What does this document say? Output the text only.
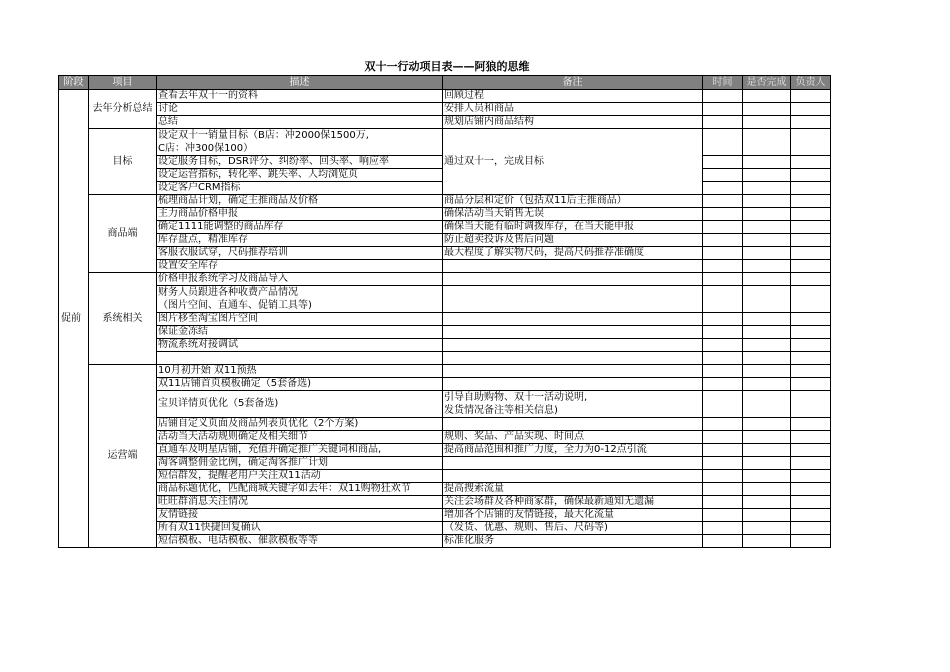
双十一行动项目表——阿狼的思维
阶段	项目	描述	备注	时间	是否完成	负责人
促前	去年分析总结	查看去年双十一的资料	回顾过程			
		讨论	安排人员和商品			
		总结	规划店铺内商品结构			
	目标	设定双十一销量目标（B店：冲2000保1500万,
C店：冲300保100）	通过双十一，完成目标			
		设定服务目标，DSR评分、纠纷率、回头率、响应率				
		设定运营指标，转化率、跳失率、人均浏览页				
		设定客户CRM指标				
	商品端	梳理商品计划，确定主推商品及价格	商品分层和定价（包括双11后主推商品）			
		主力商品价格申报	确保活动当天销售无误			
		确定1111能调整的商品库存	确保当天能有临时调拨库存，在当天能申报			
		库存盘点，精准库存	防止超卖投诉及售后问题			
		客服衣服试穿，尺码推荐培训	最大程度了解实物尺码，提高尺码推荐准确度			
		设置安全库存				
	系统相关	价格申报系统学习及商品导入				

		财务人员跟进各种收费产品情况
（图片空间、直通车、促销工具等)				

		图片移至淘宝图片空间				
		保证金冻结				
		物流系统对接调试				

	运营端	10月初开始 双11预热				
		双11店铺首页模板确定（5套备选)				
		宝贝详情页优化（5套备选)	引导自助购物、双十一活动说明,
发货情况备注等相关信息)			

		店铺自定义页面及商品列表页优化（2个方案)				
		活动当天活动规则确定及相关细节	规则、奖品、产品实现、时间点			
		直通车及明星店铺，充值并确定推广关键词和商品,	提高商品范围和推广力度，全力为0-12点引流			
		淘客调整佣金比例，确定淘客推广计划				
		短信群发，提醒老用户关注双11活动				
		商品标题优化，匹配商城关键字如去年：双11购物狂欢节	提高搜索流量			
		旺旺群消息关注情况	关注会场群及各种商家群，确保最新通知无遗漏			
		友情链接	增加各个店铺的友情链接，最大化流量			
		所有双11快捷回复确认	（发货、优惠、规则、售后、尺码等)			
		短信模板、电话模板、催款模板等等	标准化服务			
